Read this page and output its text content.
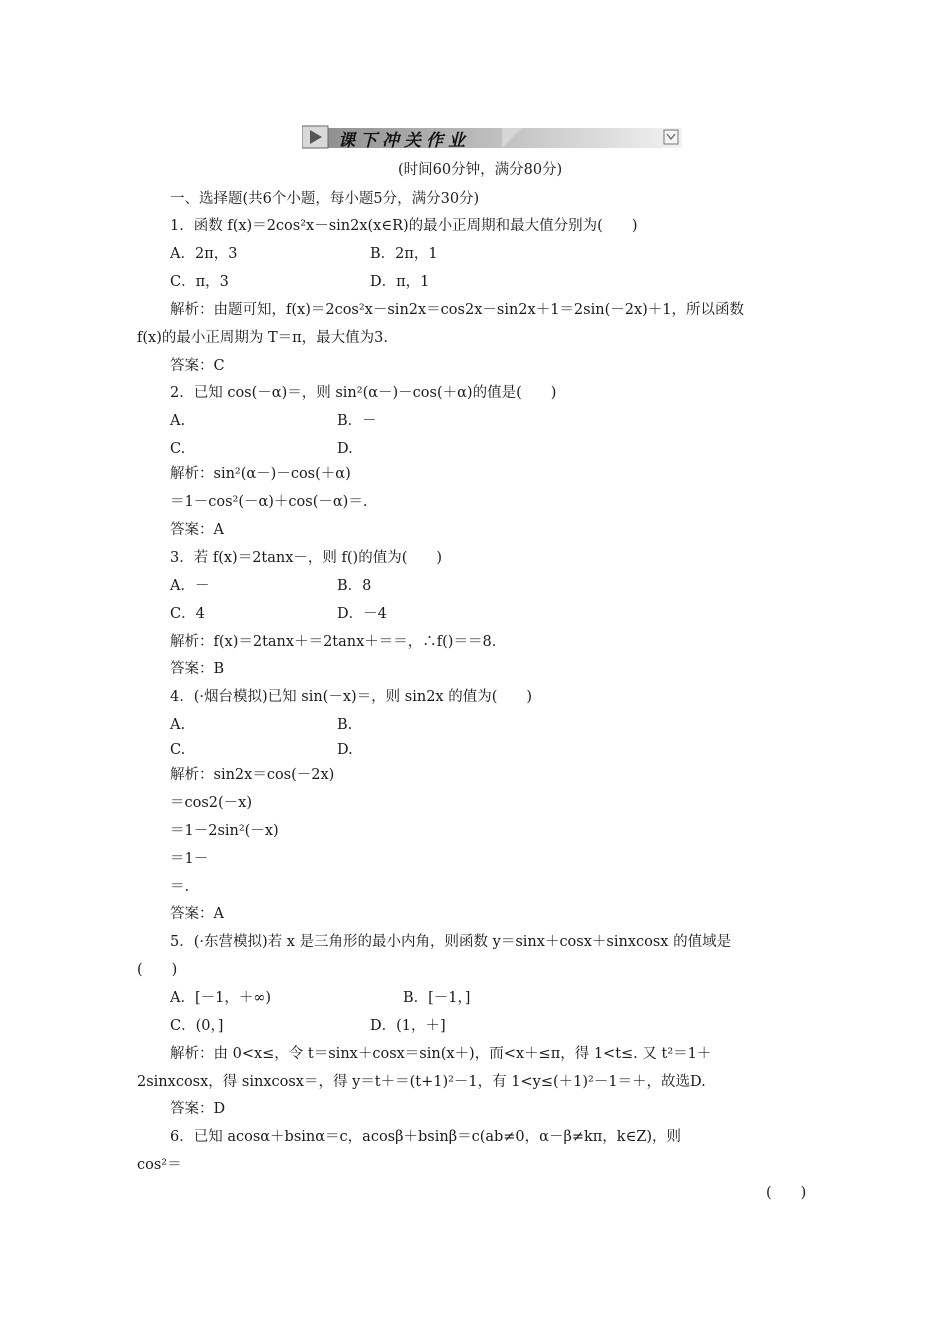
课下冲关作业
(时间60分钟，满分80分)
一、选择题(共6个小题，每小题5分，满分30分)
1．函数 f(x)＝2cos²x－sin2x(x∈R)的最小正周期和最大值分别为(　　)
A．2π，3	B．2π，1
C．π，3	D．π，1
解析：由题可知，f(x)＝2cos²x－sin2x＝cos2x－sin2x＋1＝2sin(－2x)＋1，所以函数
f(x)的最小正周期为 T＝π，最大值为3.
答案：C
2．已知 cos(－α)＝，则 sin²(α－)－cos(＋α)的值是(　　)
A.	B．－
C.	D.
解析：sin²(α－)－cos(＋α)
＝1－cos²(－α)＋cos(－α)＝.
答案：A
3．若 f(x)＝2tanx－，则 f()的值为(　　)
A．－	B．8
C．4	D．－4
解析：f(x)＝2tanx＋＝2tanx＋＝＝，∴f()＝＝8.
答案：B
4．(·烟台模拟)已知 sin(－x)＝，则 sin2x 的值为(　　)
A.	B.
C.	D.
解析：sin2x＝cos(－2x)
＝cos2(－x)
＝1－2sin²(－x)
＝1－
＝.
答案：A
5．(·东营模拟)若 x 是三角形的最小内角，则函数 y＝sinx＋cosx＋sinxcosx 的值域是
(　　)
A．[－1，＋∞)	B．[－1，]
C．(0，]	D．(1，＋]
解析：由 0<x≤，令 t＝sinx＋cosx＝sin(x＋)，而<x＋≤π，得 1<t≤. 又 t²＝1＋
2sinxcosx，得 sinxcosx＝，得 y＝t＋＝(t+1)²－1，有 1<y≤(＋1)²－1＝＋，故选D.
答案：D
6．已知 acosα＋bsinα＝c，acosβ＋bsinβ＝c(ab≠0，α－β≠kπ，k∈Z)，则
cos²＝
(　　)
